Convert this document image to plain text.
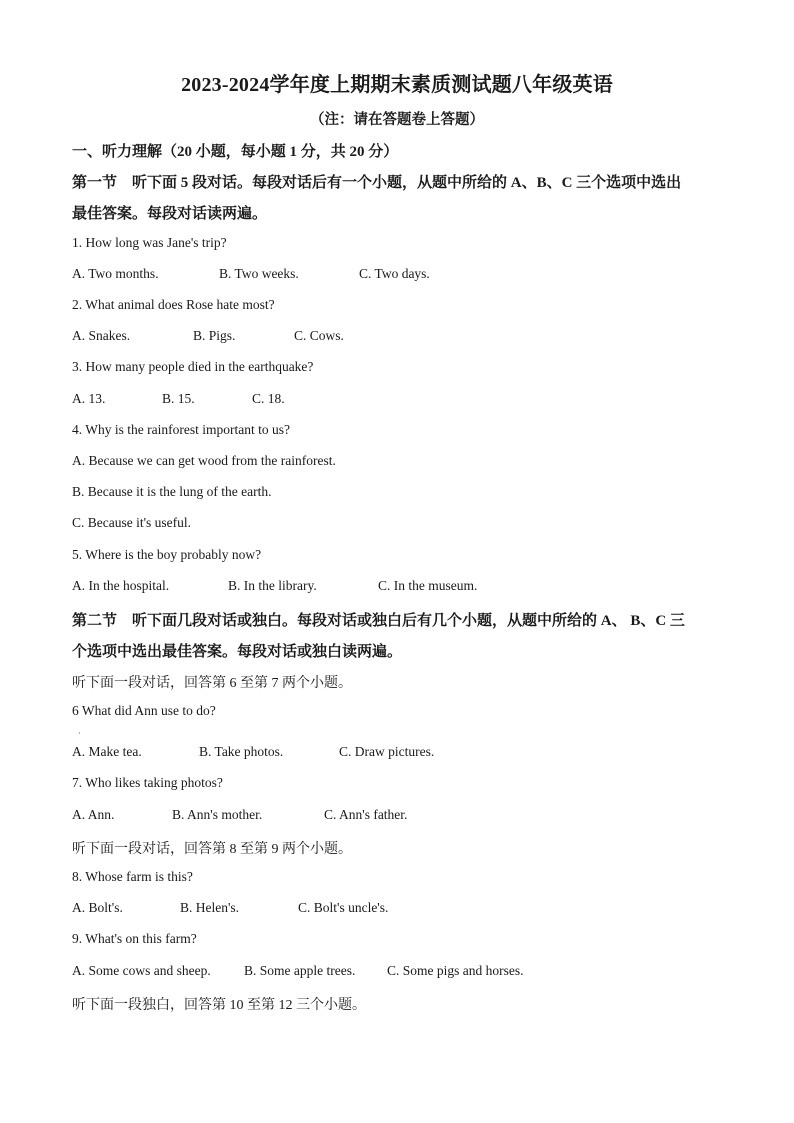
2023-2024学年度上期期末素质测试题八年级英语
（注：请在答题卷上答题）
一、听力理解（20 小题，每小题 1 分，共 20 分）
第一节　听下面 5 段对话。每段对话后有一个小题，从题中所给的 A、B、C 三个选项中选出
最佳答案。每段对话读两遍。
1. How long was Jane's trip?
A. Two months.	B. Two weeks.	C. Two days.
2. What animal does Rose hate most?
A. Snakes.	B. Pigs.	C. Cows.
3. How many people died in the earthquake?
A. 13.	B. 15.	C. 18.
4. Why is the rainforest important to us?
A. Because we can get wood from the rainforest.
B. Because it is the lung of the earth.
C. Because it's useful.
5. Where is the boy probably now?
A. In the hospital.	B. In the library.	C. In the museum.
第二节　听下面几段对话或独白。每段对话或独白后有几个小题，从题中所给的 A、 B、C 三
个选项中选出最佳答案。每段对话或独白读两遍。
听下面一段对话，回答第 6 至第 7 两个小题。
6 What did Ann use to do?
·
A. Make tea.	B. Take photos.	C. Draw pictures.
7. Who likes taking photos?
A. Ann.	B. Ann's mother.	C. Ann's father.
听下面一段对话，回答第 8 至第 9 两个小题。
8. Whose farm is this?
A. Bolt's.	B. Helen's.	C. Bolt's uncle's.
9. What's on this farm?
A. Some cows and sheep. B. Some apple trees. C. Some pigs and horses.
听下面一段独白，回答第 10 至第 12 三个小题。
